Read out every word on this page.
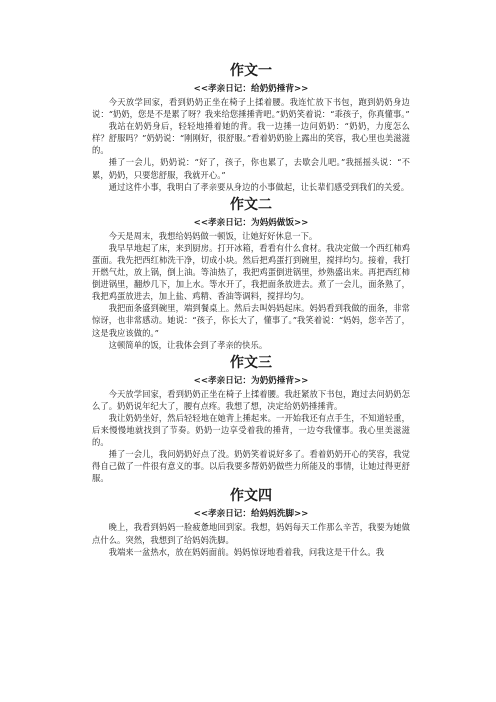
作文一
<<孝亲日记：给奶奶捶背>>

今天放学回家，看到奶奶正坐在椅子上揉着腰。我连忙放下书包，跑到奶奶身边说：“奶奶，您是不是累了呀？我来给您捶捶背吧。”奶奶笑着说：“乖孩子，你真懂事。”

我站在奶奶身后，轻轻地捶着她的背。我一边捶一边问奶奶：“奶奶，力度怎么样？舒服吗？”奶奶说：“刚刚好，很舒服。”看着奶奶脸上露出的笑容，我心里也美滋滋的。

捶了一会儿，奶奶说：“好了，孩子，你也累了，去歇会儿吧。”我摇摇头说：“不累，奶奶，只要您舒服，我就开心。”

通过这件小事，我明白了孝亲要从身边的小事做起，让长辈们感受到我们的关爱。

作文二
<<孝亲日记：为妈妈做饭>>

今天是周末，我想给妈妈做一顿饭，让她好好休息一下。

我早早地起了床，来到厨房。打开冰箱，看看有什么食材。我决定做一个西红柿鸡蛋面。我先把西红柿洗干净，切成小块。然后把鸡蛋打到碗里，搅拌均匀。接着，我打开燃气灶，放上锅，倒上油。等油热了，我把鸡蛋倒进锅里，炒熟盛出来。再把西红柿倒进锅里，翻炒几下，加上水。等水开了，我把面条放进去。煮了一会儿，面条熟了，我把鸡蛋放进去，加上盐、鸡精、香油等调料，搅拌均匀。

我把面条盛到碗里，端到餐桌上。然后去叫妈妈起床。妈妈看到我做的面条，非常惊讶，也非常感动。她说：“孩子，你长大了，懂事了。”我笑着说：“妈妈，您辛苦了，这是我应该做的。”

这顿简单的饭，让我体会到了孝亲的快乐。

作文三
<<孝亲日记：为奶奶捶背>>

今天放学回家，看到奶奶正坐在椅子上揉着腰。我赶紧放下书包，跑过去问奶奶怎么了。奶奶说年纪大了，腰有点疼。我想了想，决定给奶奶捶捶背。

我让奶奶坐好，然后轻轻地在她背上捶起来。一开始我还有点手生，不知道轻重，后来慢慢地就找到了节奏。奶奶一边享受着我的捶背，一边夸我懂事。我心里美滋滋的。

捶了一会儿，我问奶奶好点了没。奶奶笑着说好多了。看着奶奶开心的笑容，我觉得自己做了一件很有意义的事。以后我要多帮奶奶做些力所能及的事情，让她过得更舒服。

作文四
<<孝亲日记：给妈妈洗脚>>

晚上，我看到妈妈一脸疲惫地回到家。我想，妈妈每天工作那么辛苦，我要为她做点什么。突然，我想到了给妈妈洗脚。

我端来一盆热水，放在妈妈面前。妈妈惊讶地看着我，问我这是干什么。我
